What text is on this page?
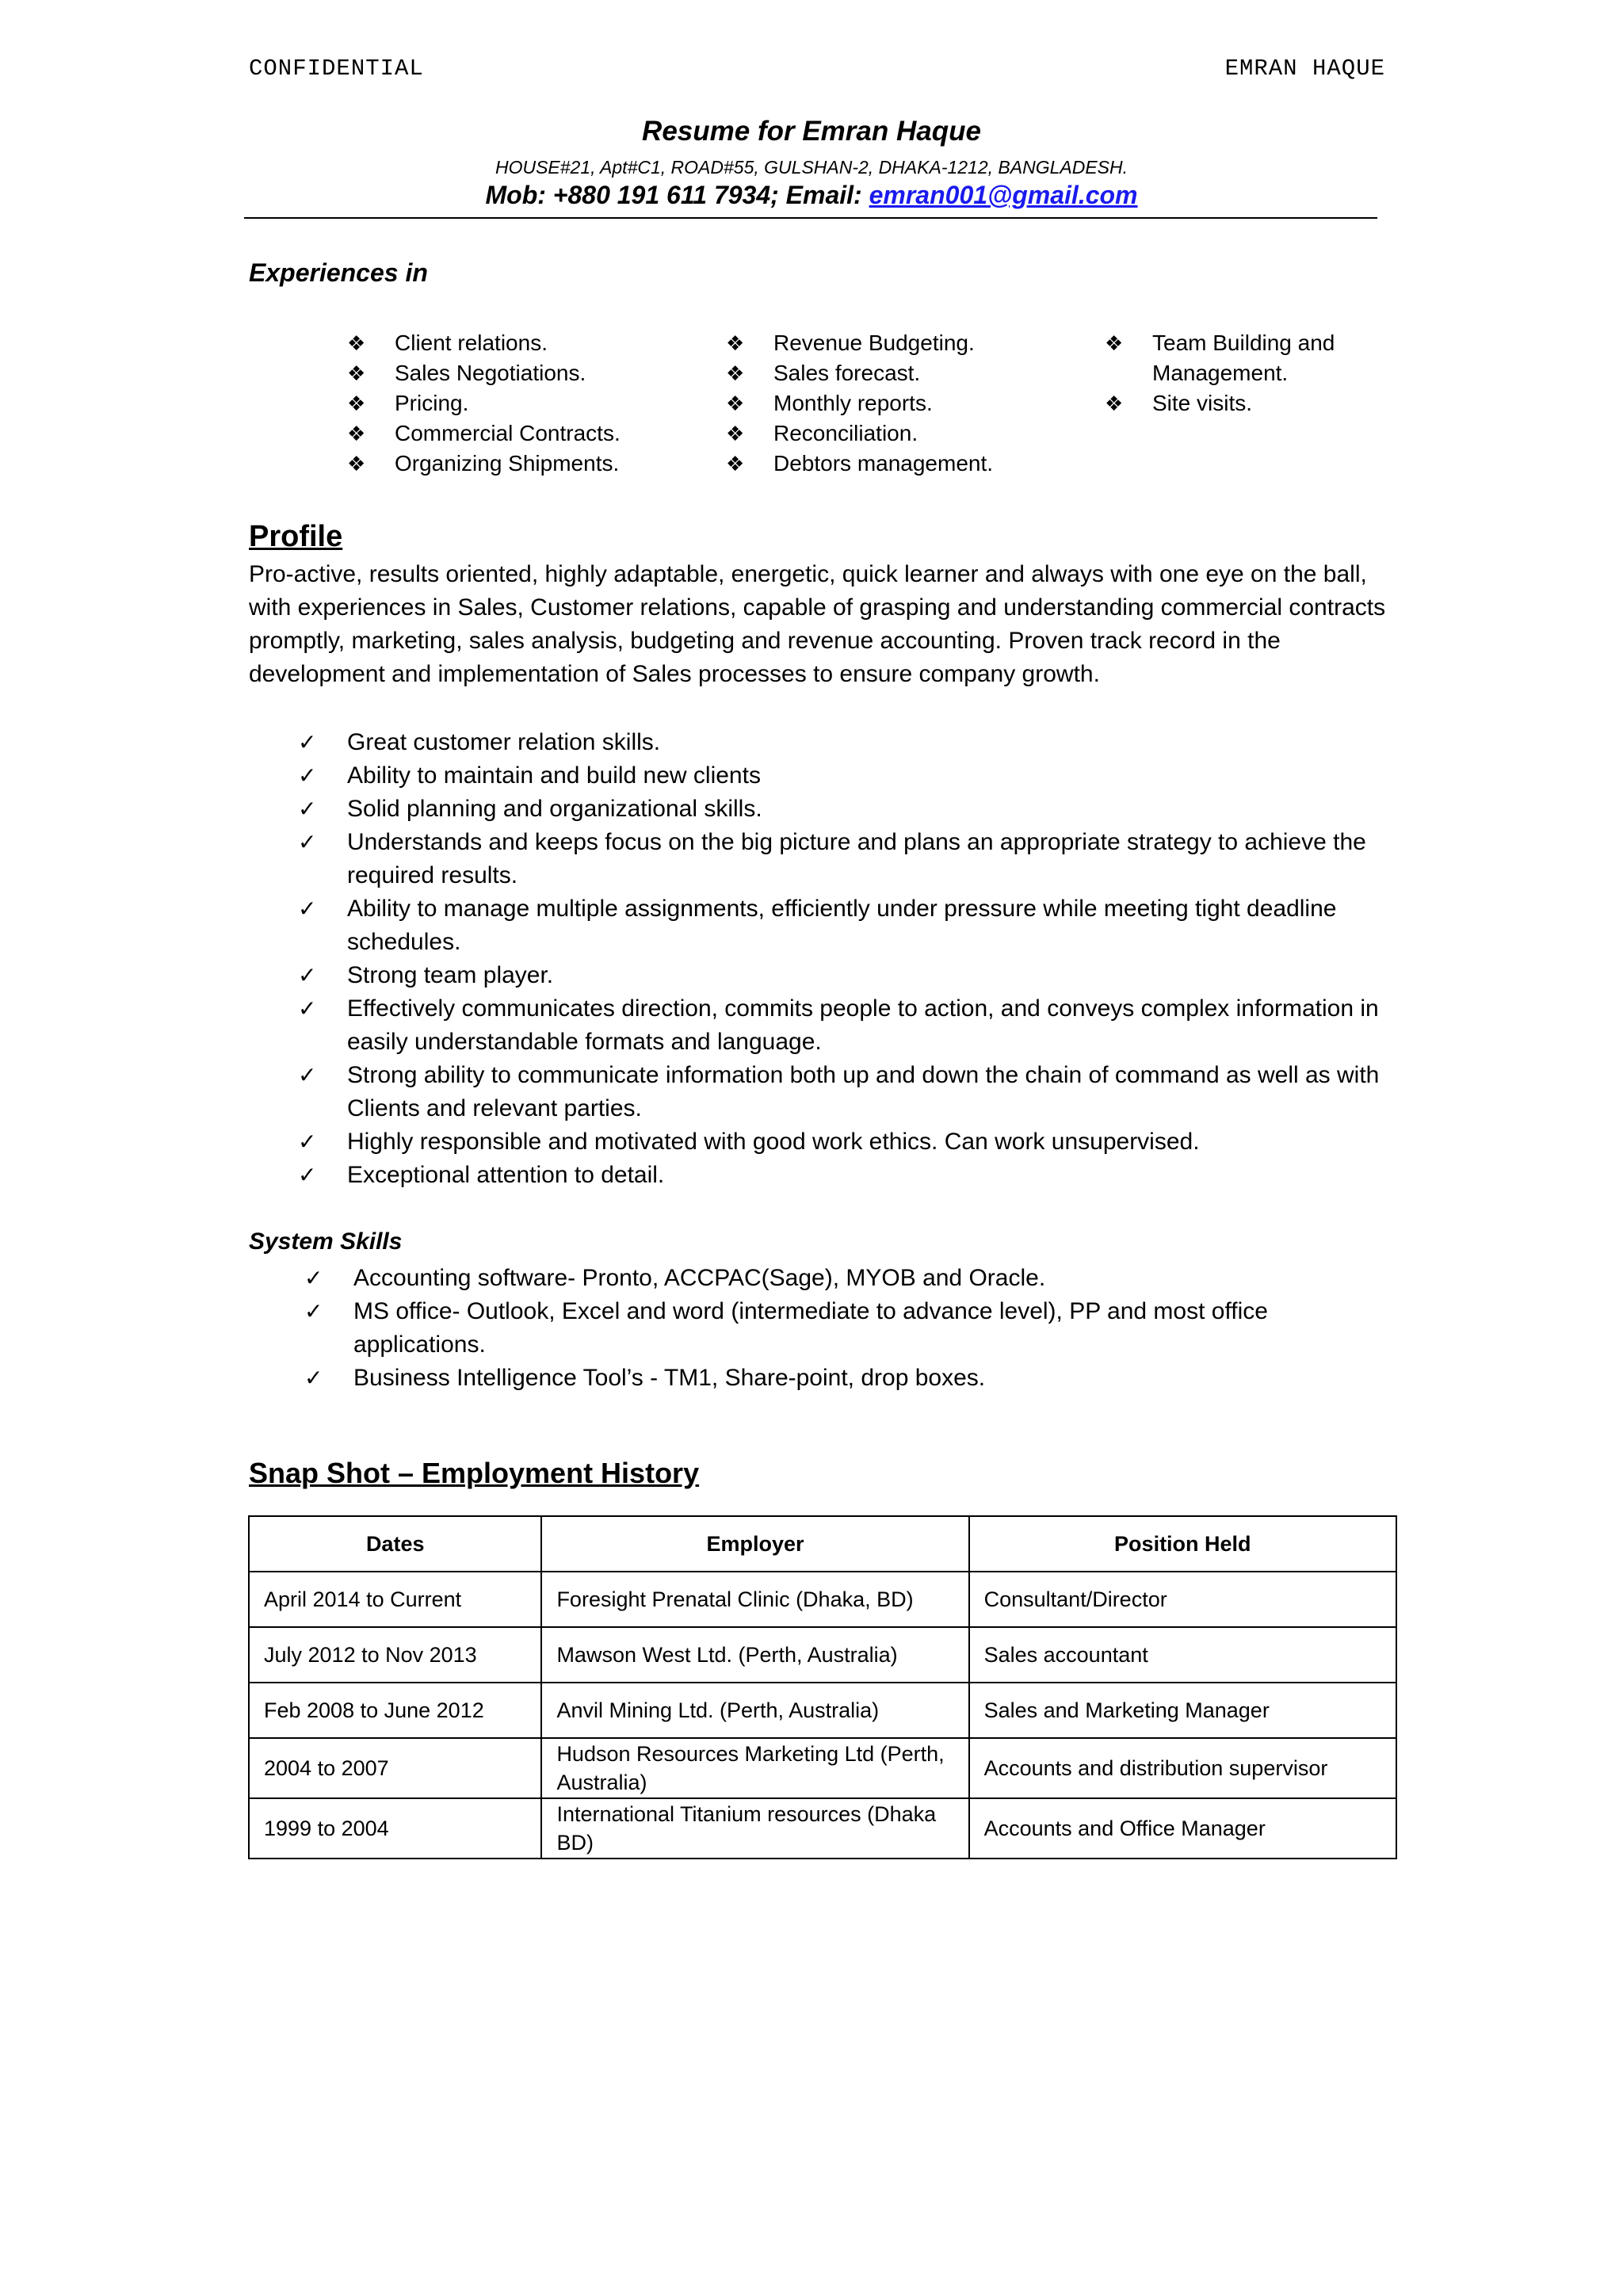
CONFIDENTIAL	EMRAN HAQUE
Resume for Emran Haque
HOUSE#21, Apt#C1, ROAD#55, GULSHAN-2, DHAKA-1212, BANGLADESH.
Mob: +880 191 611 7934; Email: emran001@gmail.com
Experiences in
❖ Client relations.
❖ Sales Negotiations.
❖ Pricing.
❖ Commercial Contracts.
❖ Organizing Shipments.
❖ Revenue Budgeting.
❖ Sales forecast.
❖ Monthly reports.
❖ Reconciliation.
❖ Debtors management.
❖ Team Building and Management.
❖ Site visits.
Profile
Pro-active, results oriented, highly adaptable, energetic, quick learner and always with one eye on the ball, with experiences in Sales, Customer relations, capable of grasping and understanding commercial contracts promptly, marketing, sales analysis, budgeting and revenue accounting. Proven track record in the development and implementation of Sales processes to ensure company growth.
✓ Great customer relation skills.
✓ Ability to maintain and build new clients
✓ Solid planning and organizational skills.
✓ Understands and keeps focus on the big picture and plans an appropriate strategy to achieve the required results.
✓ Ability to manage multiple assignments, efficiently under pressure while meeting tight deadline schedules.
✓ Strong team player.
✓ Effectively communicates direction, commits people to action, and conveys complex information in easily understandable formats and language.
✓ Strong ability to communicate information both up and down the chain of command as well as with Clients and relevant parties.
✓ Highly responsible and motivated with good work ethics. Can work unsupervised.
✓ Exceptional attention to detail.
System Skills
✓ Accounting software- Pronto, ACCPAC(Sage), MYOB and Oracle.
✓ MS office- Outlook, Excel and word (intermediate to advance level), PP and most office applications.
✓ Business Intelligence Tool’s - TM1, Share-point, drop boxes.
Snap Shot – Employment History
Dates	Employer	Position Held
April 2014 to Current	Foresight Prenatal Clinic (Dhaka, BD)	Consultant/Director
July 2012 to Nov 2013	Mawson West Ltd. (Perth, Australia)	Sales accountant
Feb 2008 to June 2012	Anvil Mining Ltd. (Perth, Australia)	Sales and Marketing Manager
2004 to 2007	Hudson Resources Marketing Ltd (Perth, Australia)	Accounts and distribution supervisor
1999 to 2004	International Titanium resources (Dhaka BD)	Accounts and Office Manager
